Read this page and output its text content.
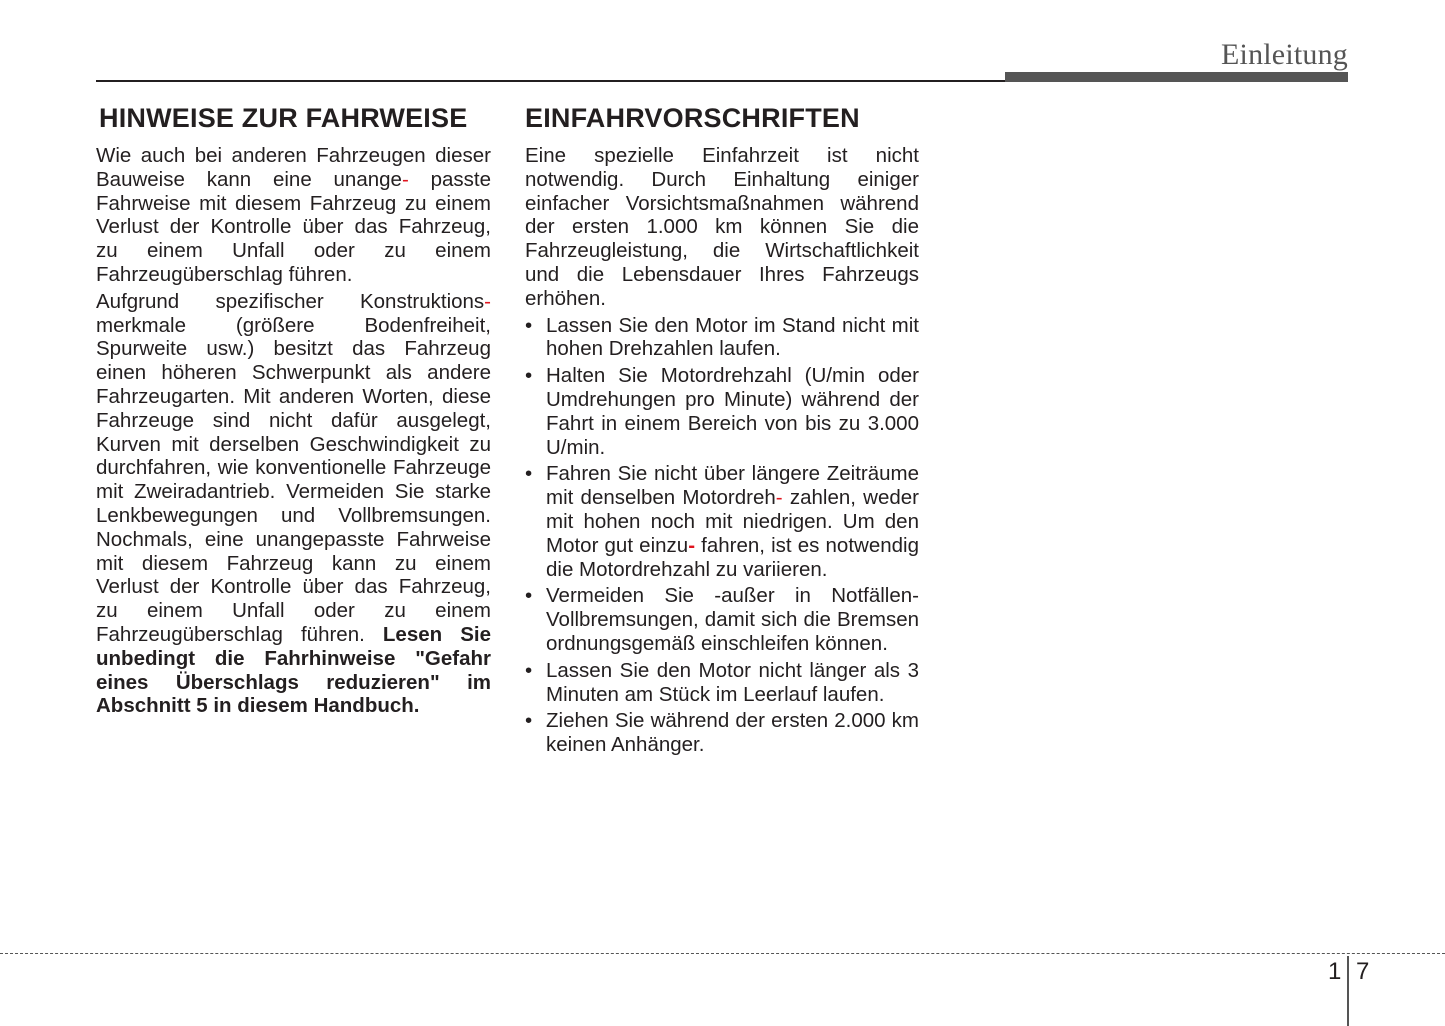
Einleitung
HINWEISE ZUR FAHRWEISE

Wie auch bei anderen Fahrzeugen dieser Bauweise kann eine unange- passte Fahrweise mit diesem Fahrzeug zu einem Verlust der Kontrolle über das Fahrzeug, zu einem Unfall oder zu einem Fahrzeugüberschlag führen.

Aufgrund spezifischer Konstruktions- merkmale (größere Bodenfreiheit, Spurweite usw.) besitzt das Fahrzeug einen höheren Schwerpunkt als andere Fahrzeugarten. Mit anderen Worten, diese Fahrzeuge sind nicht dafür ausgelegt, Kurven mit derselben Geschwindigkeit zu durchfahren, wie konventionelle Fahrzeuge mit Zweiradantrieb. Vermeiden Sie starke Lenkbewegungen und Vollbremsungen. Nochmals, eine unangepasste Fahrweise mit diesem Fahrzeug kann zu einem Verlust der Kontrolle über das Fahrzeug, zu einem Unfall oder zu einem Fahrzeugüberschlag führen. Lesen Sie unbedingt die Fahrhinweise "Gefahr eines Überschlags reduzieren" im Abschnitt 5 in diesem Handbuch.

EINFAHRVORSCHRIFTEN

Eine spezielle Einfahrzeit ist nicht notwendig. Durch Einhaltung einiger einfacher Vorsichtsmaßnahmen während der ersten 1.000 km können Sie die Fahrzeugleistung, die Wirtschaftlichkeit und die Lebensdauer Ihres Fahrzeugs erhöhen.

• Lassen Sie den Motor im Stand nicht mit hohen Drehzahlen laufen.
• Halten Sie Motordrehzahl (U/min oder Umdrehungen pro Minute) während der Fahrt in einem Bereich von bis zu 3.000 U/min.
• Fahren Sie nicht über längere Zeiträume mit denselben Motordreh- zahlen, weder mit hohen noch mit niedrigen. Um den Motor gut einzu- fahren, ist es notwendig die Motordrehzahl zu variieren.
• Vermeiden Sie -außer in Notfällen- Vollbremsungen, damit sich die Bremsen ordnungsgemäß einschleifen können.
• Lassen Sie den Motor nicht länger als 3 Minuten am Stück im Leerlauf laufen.
• Ziehen Sie während der ersten 2.000 km keinen Anhänger.
1 7
